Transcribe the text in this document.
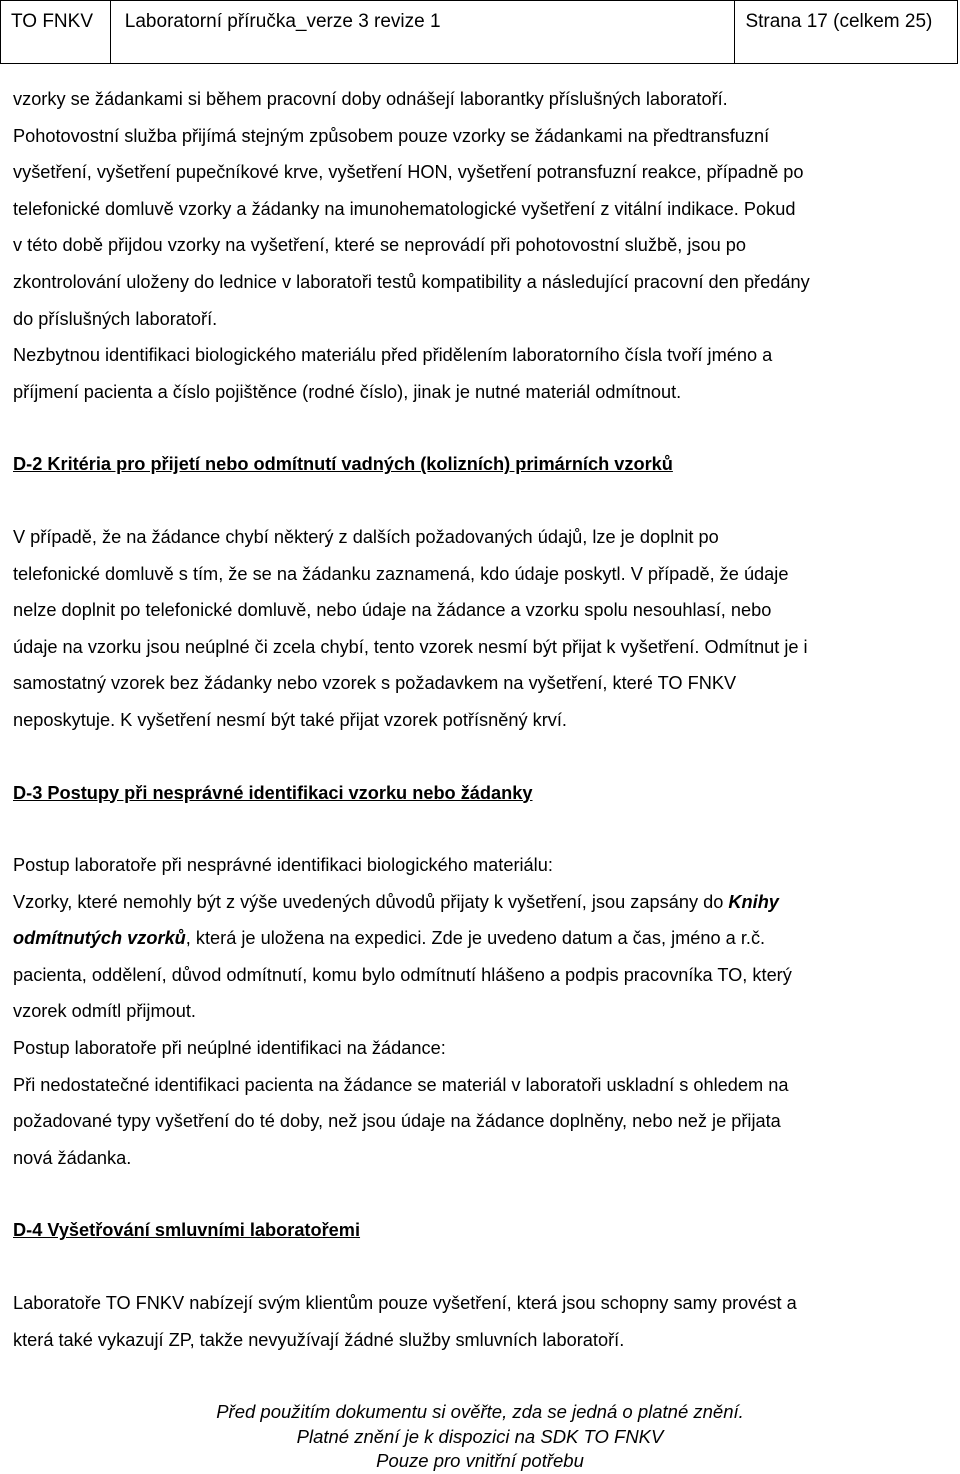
TO FNKV	Laboratorní příručka_verze 3 revize 1	Strana 17 (celkem 25)

vzorky se žádankami si během pracovní doby odnášejí laborantky příslušných laboratoří.

Pohotovostní služba přijímá stejným způsobem pouze vzorky se žádankami na předtransfuzní

vyšetření, vyšetření pupečníkové krve, vyšetření HON, vyšetření potransfuzní reakce, případně po

telefonické domluvě vzorky a žádanky na imunohematologické vyšetření z vitální indikace. Pokud

v této době přijdou vzorky na vyšetření, které se neprovádí při pohotovostní službě, jsou po

zkontrolování uloženy do lednice v laboratoři testů kompatibility a následující pracovní den předány

do příslušných laboratoří.

Nezbytnou identifikaci biologického materiálu před přidělením laboratorního čísla tvoří jméno a

příjmení pacienta a číslo pojištěnce (rodné číslo), jinak je nutné materiál odmítnout.

D-2 Kritéria pro přijetí nebo odmítnutí vadných (kolizních) primárních vzorků

V případě, že na žádance chybí některý z dalších požadovaných údajů, lze je doplnit po

telefonické domluvě s tím, že se na žádanku zaznamená, kdo údaje poskytl. V případě, že údaje

nelze doplnit po telefonické domluvě, nebo údaje na žádance a vzorku spolu nesouhlasí, nebo

údaje na vzorku jsou neúplné či zcela chybí, tento vzorek nesmí být přijat k vyšetření. Odmítnut je i

samostatný vzorek bez žádanky nebo vzorek s požadavkem na vyšetření, které TO FNKV

neposkytuje. K vyšetření nesmí být také přijat vzorek potřísněný krví.

D-3 Postupy při nesprávné identifikaci vzorku nebo žádanky

Postup laboratoře při nesprávné identifikaci biologického materiálu:

Vzorky, které nemohly být z výše uvedených důvodů přijaty k vyšetření, jsou zapsány do Knihy

odmítnutých vzorků, která je uložena na expedici. Zde je uvedeno datum a čas, jméno a r.č.

pacienta, oddělení, důvod odmítnutí, komu bylo odmítnutí hlášeno a podpis pracovníka TO, který

vzorek odmítl přijmout.

Postup laboratoře při neúplné identifikaci na žádance:

Při nedostatečné identifikaci pacienta na žádance se materiál v laboratoři uskladní s ohledem na

požadované typy vyšetření do té doby, než jsou údaje na žádance doplněny, nebo než je přijata

nová žádanka.

D-4 Vyšetřování smluvními laboratořemi

Laboratoře TO FNKV nabízejí svým klientům pouze vyšetření, která jsou schopny samy provést a

která také vykazují ZP, takže nevyužívají žádné služby smluvních laboratoří.

Před použitím dokumentu si ověřte, zda se jedná o platné znění.
Platné znění je k dispozici na SDK TO FNKV
Pouze pro vnitřní potřebu
